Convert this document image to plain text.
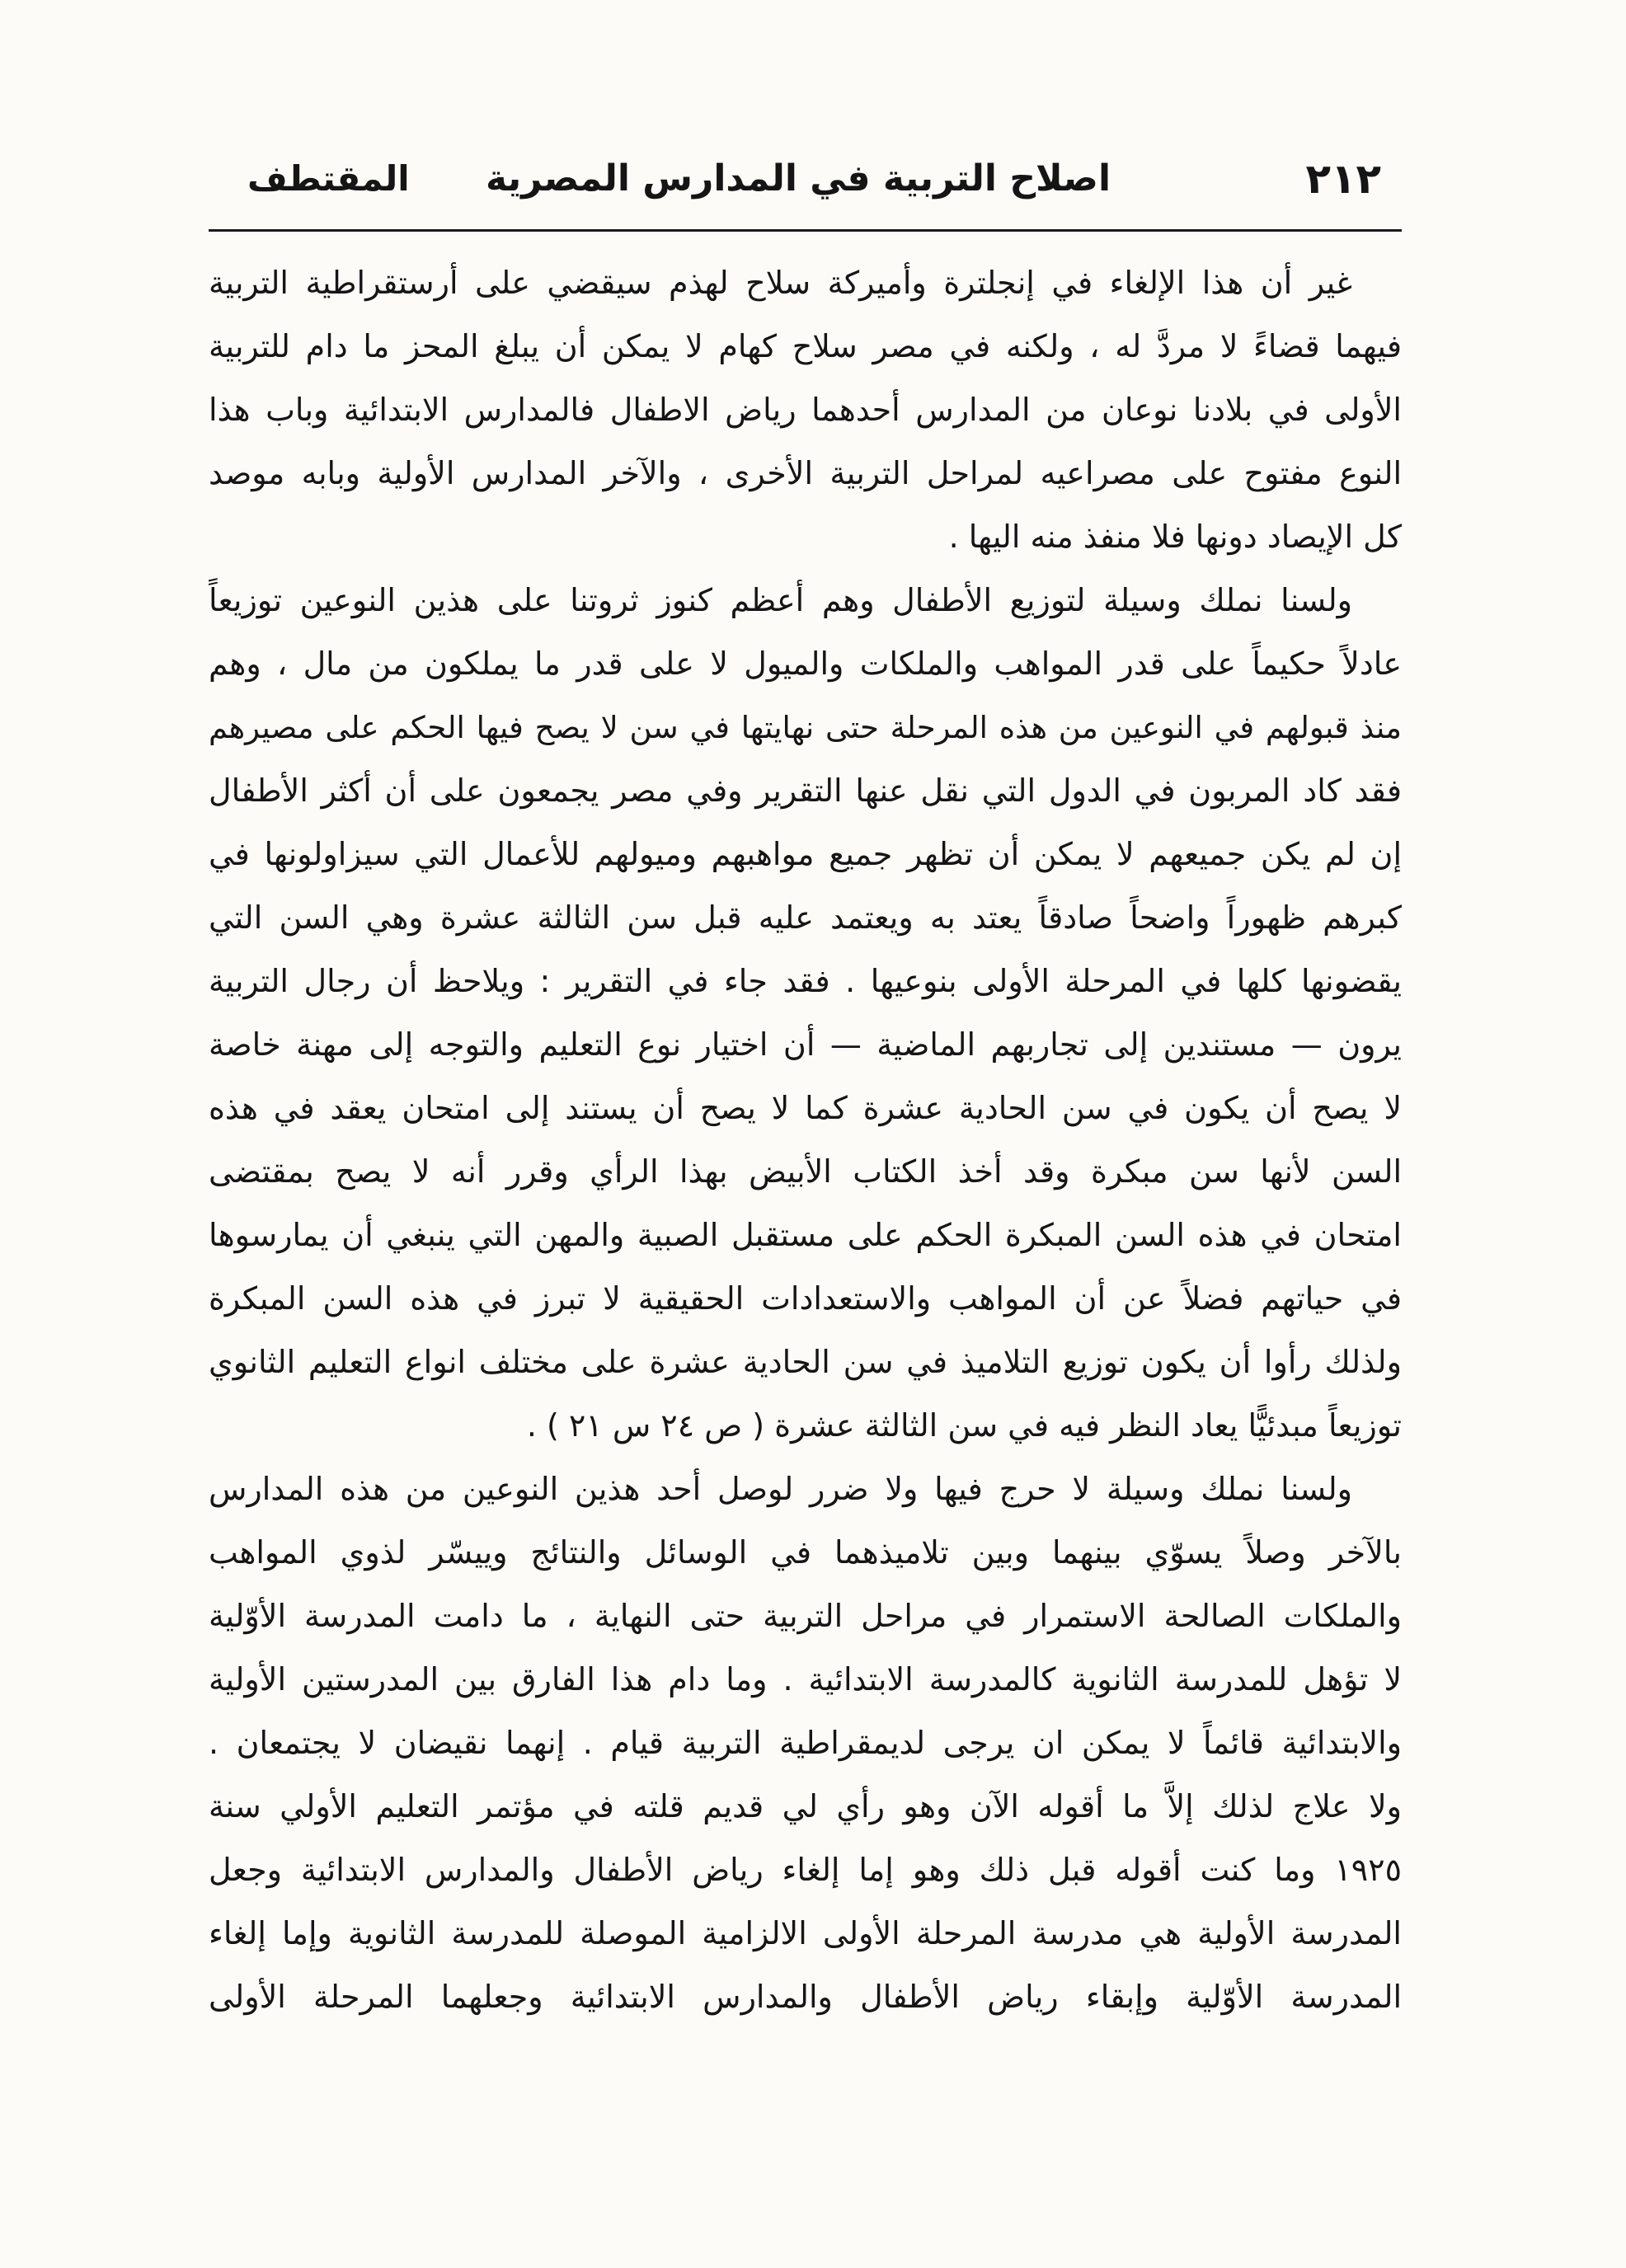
٢١٢
اصلاح التربية في المدارس المصرية
المقتطف
غير أن هذا الإلغاء في إنجلترة وأميركة سلاح لهذم سيقضي على أرستقراطية التربية
فيهما قضاءً لا مردَّ له ، ولكنه في مصر سلاح كهام لا يمكن أن يبلغ المحز ما دام للتربية
الأولى في بلادنا نوعان من المدارس أحدهما رياض الاطفال فالمدارس الابتدائية وباب هذا
النوع مفتوح على مصراعيه لمراحل التربية الأخرى ، والآخر المدارس الأولية وبابه موصد
كل الإيصاد دونها فلا منفذ منه اليها .
ولسنا نملك وسيلة لتوزيع الأطفال وهم أعظم كنوز ثروتنا على هذين النوعين توزيعاً
عادلاً حكيماً على قدر المواهب والملكات والميول لا على قدر ما يملكون من مال ، وهم
منذ قبولهم في النوعين من هذه المرحلة حتى نهايتها في سن لا يصح فيها الحكم على مصيرهم
فقد كاد المربون في الدول التي نقل عنها التقرير وفي مصر يجمعون على أن أكثر الأطفال
إن لم يكن جميعهم لا يمكن أن تظهر جميع مواهبهم وميولهم للأعمال التي سيزاولونها في
كبرهم ظهوراً واضحاً صادقاً يعتد به ويعتمد عليه قبل سن الثالثة عشرة وهي السن التي
يقضونها كلها في المرحلة الأولى بنوعيها . فقد جاء في التقرير : ويلاحظ أن رجال التربية
يرون — مستندين إلى تجاربهم الماضية — أن اختيار نوع التعليم والتوجه إلى مهنة خاصة
لا يصح أن يكون في سن الحادية عشرة كما لا يصح أن يستند إلى امتحان يعقد في هذه
السن لأنها سن مبكرة وقد أخذ الكتاب الأبيض بهذا الرأي وقرر أنه لا يصح بمقتضى
امتحان في هذه السن المبكرة الحكم على مستقبل الصبية والمهن التي ينبغي أن يمارسوها
في حياتهم فضلاً عن أن المواهب والاستعدادات الحقيقية لا تبرز في هذه السن المبكرة
ولذلك رأوا أن يكون توزيع التلاميذ في سن الحادية عشرة على مختلف انواع التعليم الثانوي
توزيعاً مبدئيًّا يعاد النظر فيه في سن الثالثة عشرة ( ص ٢٤ س ٢١ ) .
ولسنا نملك وسيلة لا حرج فيها ولا ضرر لوصل أحد هذين النوعين من هذه المدارس
بالآخر وصلاً يسوّي بينهما وبين تلاميذهما في الوسائل والنتائج وييسّر لذوي المواهب
والملكات الصالحة الاستمرار في مراحل التربية حتى النهاية ، ما دامت المدرسة الأوّلية
لا تؤهل للمدرسة الثانوية كالمدرسة الابتدائية . وما دام هذا الفارق بين المدرستين الأولية
والابتدائية قائماً لا يمكن ان يرجى لديمقراطية التربية قيام . إنهما نقيضان لا يجتمعان .
ولا علاج لذلك إلاَّ ما أقوله الآن وهو رأي لي قديم قلته في مؤتمر التعليم الأولي سنة
١٩٢٥ وما كنت أقوله قبل ذلك وهو إما إلغاء رياض الأطفال والمدارس الابتدائية وجعل
المدرسة الأولية هي مدرسة المرحلة الأولى الالزامية الموصلة للمدرسة الثانوية وإما إلغاء
المدرسة الأوّلية وإبقاء رياض الأطفال والمدارس الابتدائية وجعلهما المرحلة الأولى
